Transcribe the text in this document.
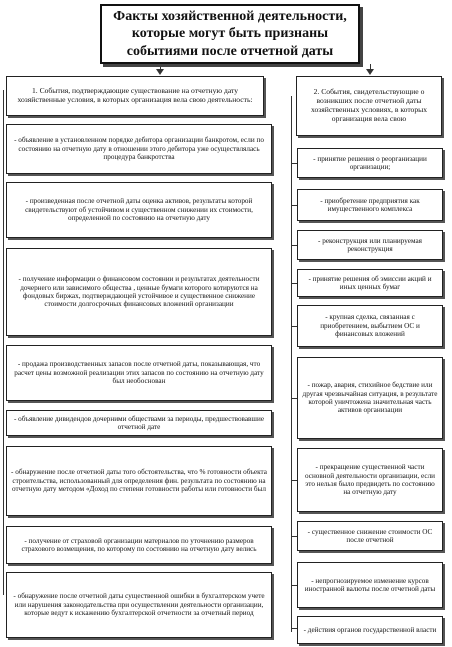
Факты хозяйственной деятельности, которые могут быть признаны событиями после отчетной даты
1. События, подтверждающие существование на отчетную дату хозяйственные условия, в которых организация вела свою деятельность:
2. События, свидетельствующие о возникших после отчетной даты хозяйственных условиях, в которых организация вела свою
- объявление в установленном порядке дебитора организации банкротом, если по состоянию на отчетную дату в отношении этого дебитора уже осуществлялась процедура банкротства
- произведенная после отчетной даты оценка активов, результаты которой свидетельствуют об устойчивом и существенном снижении их стоимости, определенной по состоянию на отчетную дату
- получение информации о финансовом состоянии и результатах деятельности дочернего или зависимого общества , ценные бумаги которого котируются на фондовых биржах, подтверждающей устойчивое и существенное снижение стоимости долгосрочных финансовых вложений организации
- продажа производственных запасов после отчетной даты, показывающая, что расчет цены возможной реализации этих запасов по состоянию на отчетную дату был необоснован
- объявление дивидендов дочерними обществами за периоды, предшествовавшие отчетной дате
- обнаружение после отчетной даты того обстоятельства, что % готовности объекта строительства, использованный для определения фин. результата по состоянию на отчетную дату методом «Доход по степени готовности работы или готовности был
- получение от страховой организации материалов по уточнению размеров страхового возмещения, по которому по состоянию на отчетную дату велись
- обнаружение после отчетной даты существенной ошибки в бухгалтерском учете или нарушения законодательства при осуществлении деятельности организации, которые ведут к искажению бухгалтерской отчетности за отчетный период
- принятие решения о реорганизации организации;
- приобретение предприятия как имущественного комплекса
- реконструкция или планируемая реконструкция
- принятие решения об эмиссии акций и иных ценных бумаг
- крупная сделка, связанная с приобретением, выбытием ОС и финансовых вложений
- пожар, авария, стихийное бедствие или другая чрезвычайная ситуация, в результате которой уничтожена значительная часть активов организации
- прекращение существенной части основной деятельности организации, если это нельзя было предвидеть по состоянию на отчетную дату
- существенное снижение стоимости ОС после отчетной
- непрогнозируемое изменение курсов иностранной валюты после отчетной даты
- действия органов государственной власти
